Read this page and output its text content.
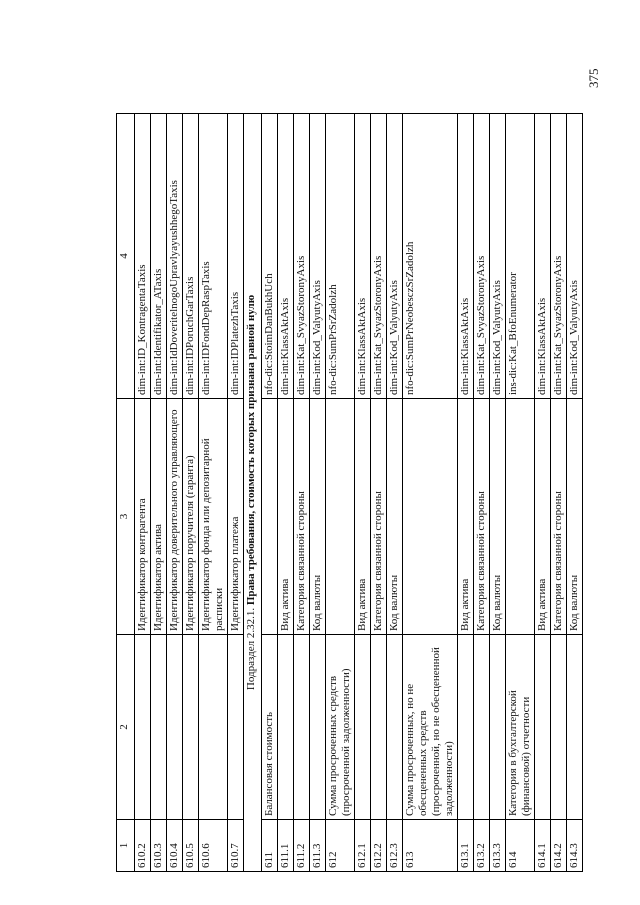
375
1	2	3	4
610.2		Идентификатор контрагента	dim-int:ID_KontragentaTaxis
610.3		Идентификатор актива	dim-int:Identifikator_ATaxis
610.4		Идентификатор доверительного управляющего	dim-int:IdDoveritelnogoUpravlyayushhegoTaxis
610.5		Идентификатор поручителя (гаранта)	dim-int:IDPoruchGarTaxis
610.6		Идентификатор фонда или депозитарной расписки	dim-int:IDFondDepRaspTaxis
610.7		Идентификатор платежа	dim-int:IDPlatezhTaxis
Подраздел 2.32.1. Права требования, стоимость которых признана равной нулю			
611	Балансовая стоимость		nfo-dic:StoimDanBukhUch
611.1		Вид актива	dim-int:KlassAktAxis
611.2		Категория связанной стороны	dim-int:Kat_SvyazStoronyAxis
611.3		Код валюты	dim-int:Kod_ValyutyAxis
612	Сумма просроченных средств (просроченной задолженности)		nfo-dic:SumPrSrZadolzh
612.1		Вид актива	dim-int:KlassAktAxis
612.2		Категория связанной стороны	dim-int:Kat_SvyazStoronyAxis
612.3		Код валюты	dim-int:Kod_ValyutyAxis
613	Сумма просроченных, но не обесцененных средств (просроченной, но не обесцененной задолженности)		nfo-dic:SumPrNeobesczSrZadolzh
613.1		Вид актива	dim-int:KlassAktAxis
613.2		Категория связанной стороны	dim-int:Kat_SvyazStoronyAxis
613.3		Код валюты	dim-int:Kod_ValyutyAxis
614	Категория в бухгалтерской (финансовой) отчетности		ins-dic:Kat_BfoEnumerator
614.1		Вид актива	dim-int:KlassAktAxis
614.2		Категория связанной стороны	dim-int:Kat_SvyazStoronyAxis
614.3		Код валюты	dim-int:Kod_ValyutyAxis
